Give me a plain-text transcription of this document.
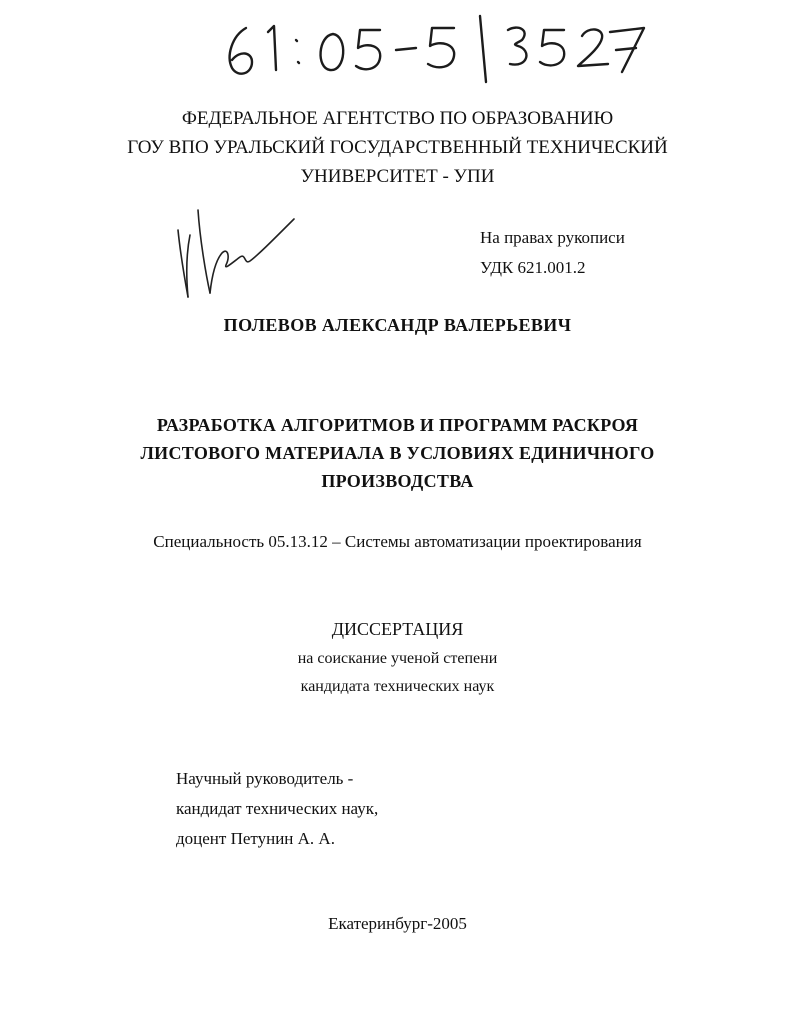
ФЕДЕРАЛЬНОЕ АГЕНТСТВО ПО ОБРАЗОВАНИЮ
ГОУ ВПО УРАЛЬСКИЙ ГОСУДАРСТВЕННЫЙ ТЕХНИЧЕСКИЙ
УНИВЕРСИТЕТ - УПИ
На правах рукописи
УДК 621.001.2
ПОЛЕВОВ АЛЕКСАНДР ВАЛЕРЬЕВИЧ
РАЗРАБОТКА АЛГОРИТМОВ И ПРОГРАММ РАСКРОЯ
ЛИСТОВОГО МАТЕРИАЛА В УСЛОВИЯХ ЕДИНИЧНОГО
ПРОИЗВОДСТВА
Специальность 05.13.12 – Системы автоматизации проектирования
ДИССЕРТАЦИЯ
на соискание ученой степени
кандидата технических наук
Научный руководитель -
кандидат технических наук,
доцент Петунин А. А.
Екатеринбург-2005
